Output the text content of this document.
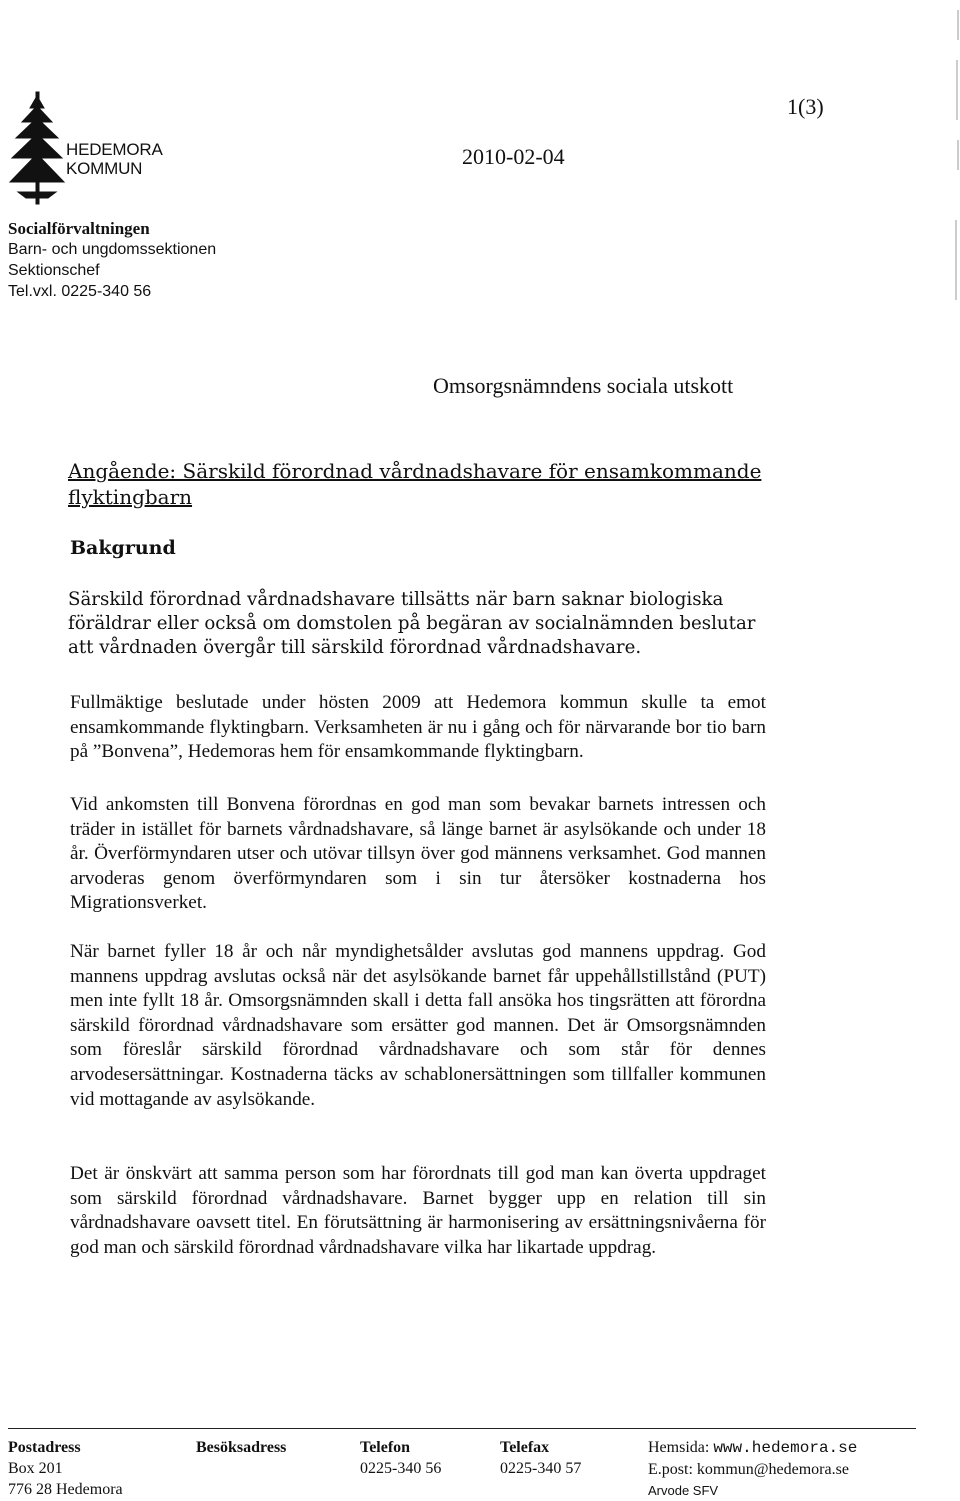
HEDEMORA
KOMMUN	2010-02-04
1(3)
Socialförvaltningen
Barn- och ungdomssektionen
Sektionschef
Tel.vxl. 0225-340 56
Omsorgsnämndens sociala utskott
Angående: Särskild förordnad vårdnadshavare för ensamkommande flyktingbarn
Bakgrund
Särskild förordnad vårdnadshavare tillsätts när barn saknar biologiska föräldrar eller också om domstolen på begäran av socialnämnden beslutar att vårdnaden övergår till särskild förordnad vårdnadshavare.
Fullmäktige beslutade under hösten 2009 att Hedemora kommun skulle ta emot ensamkommande flyktingbarn. Verksamheten är nu i gång och för närvarande bor tio barn på ”Bonvena”, Hedemoras hem för ensamkommande flyktingbarn.
Vid ankomsten till Bonvena förordnas en god man som bevakar barnets intressen och träder in istället för barnets vårdnadshavare, så länge barnet är asylsökande och under 18 år. Överförmyndaren utser och utövar tillsyn över god männens verksamhet. God mannen arvoderas genom överförmyndaren som i sin tur återsöker kostnaderna hos Migrationsverket.
När barnet fyller 18 år och når myndighetsålder avslutas god mannens uppdrag. God mannens uppdrag avslutas också när det asylsökande barnet får uppehållstillstånd (PUT) men inte fyllt 18 år. Omsorgsnämnden skall i detta fall ansöka hos tingsrätten att förordna särskild förordnad vårdnadshavare som ersätter god mannen. Det är Omsorgsnämnden som föreslår särskild förordnad vårdnadshavare och som står för dennes arvodesersättningar. Kostnaderna täcks av schablonersättningen som tillfaller kommunen vid mottagande av asylsökande.
Det är önskvärt att samma person som har förordnats till god man kan överta uppdraget som särskild förordnad vårdnadshavare. Barnet bygger upp en relation till sin vårdnadshavare oavsett titel. En förutsättning är harmonisering av ersättningsnivåerna för god man och särskild förordnad vårdnadshavare vilka har likartade uppdrag.
Postadress
Box 201
776 28 Hedemora
Besöksadress	Telefon
0225-340 56
Telefax
0225-340 57
Hemsida: www.hedemora.se
E.post: kommun@hedemora.se
Arvode SFV
